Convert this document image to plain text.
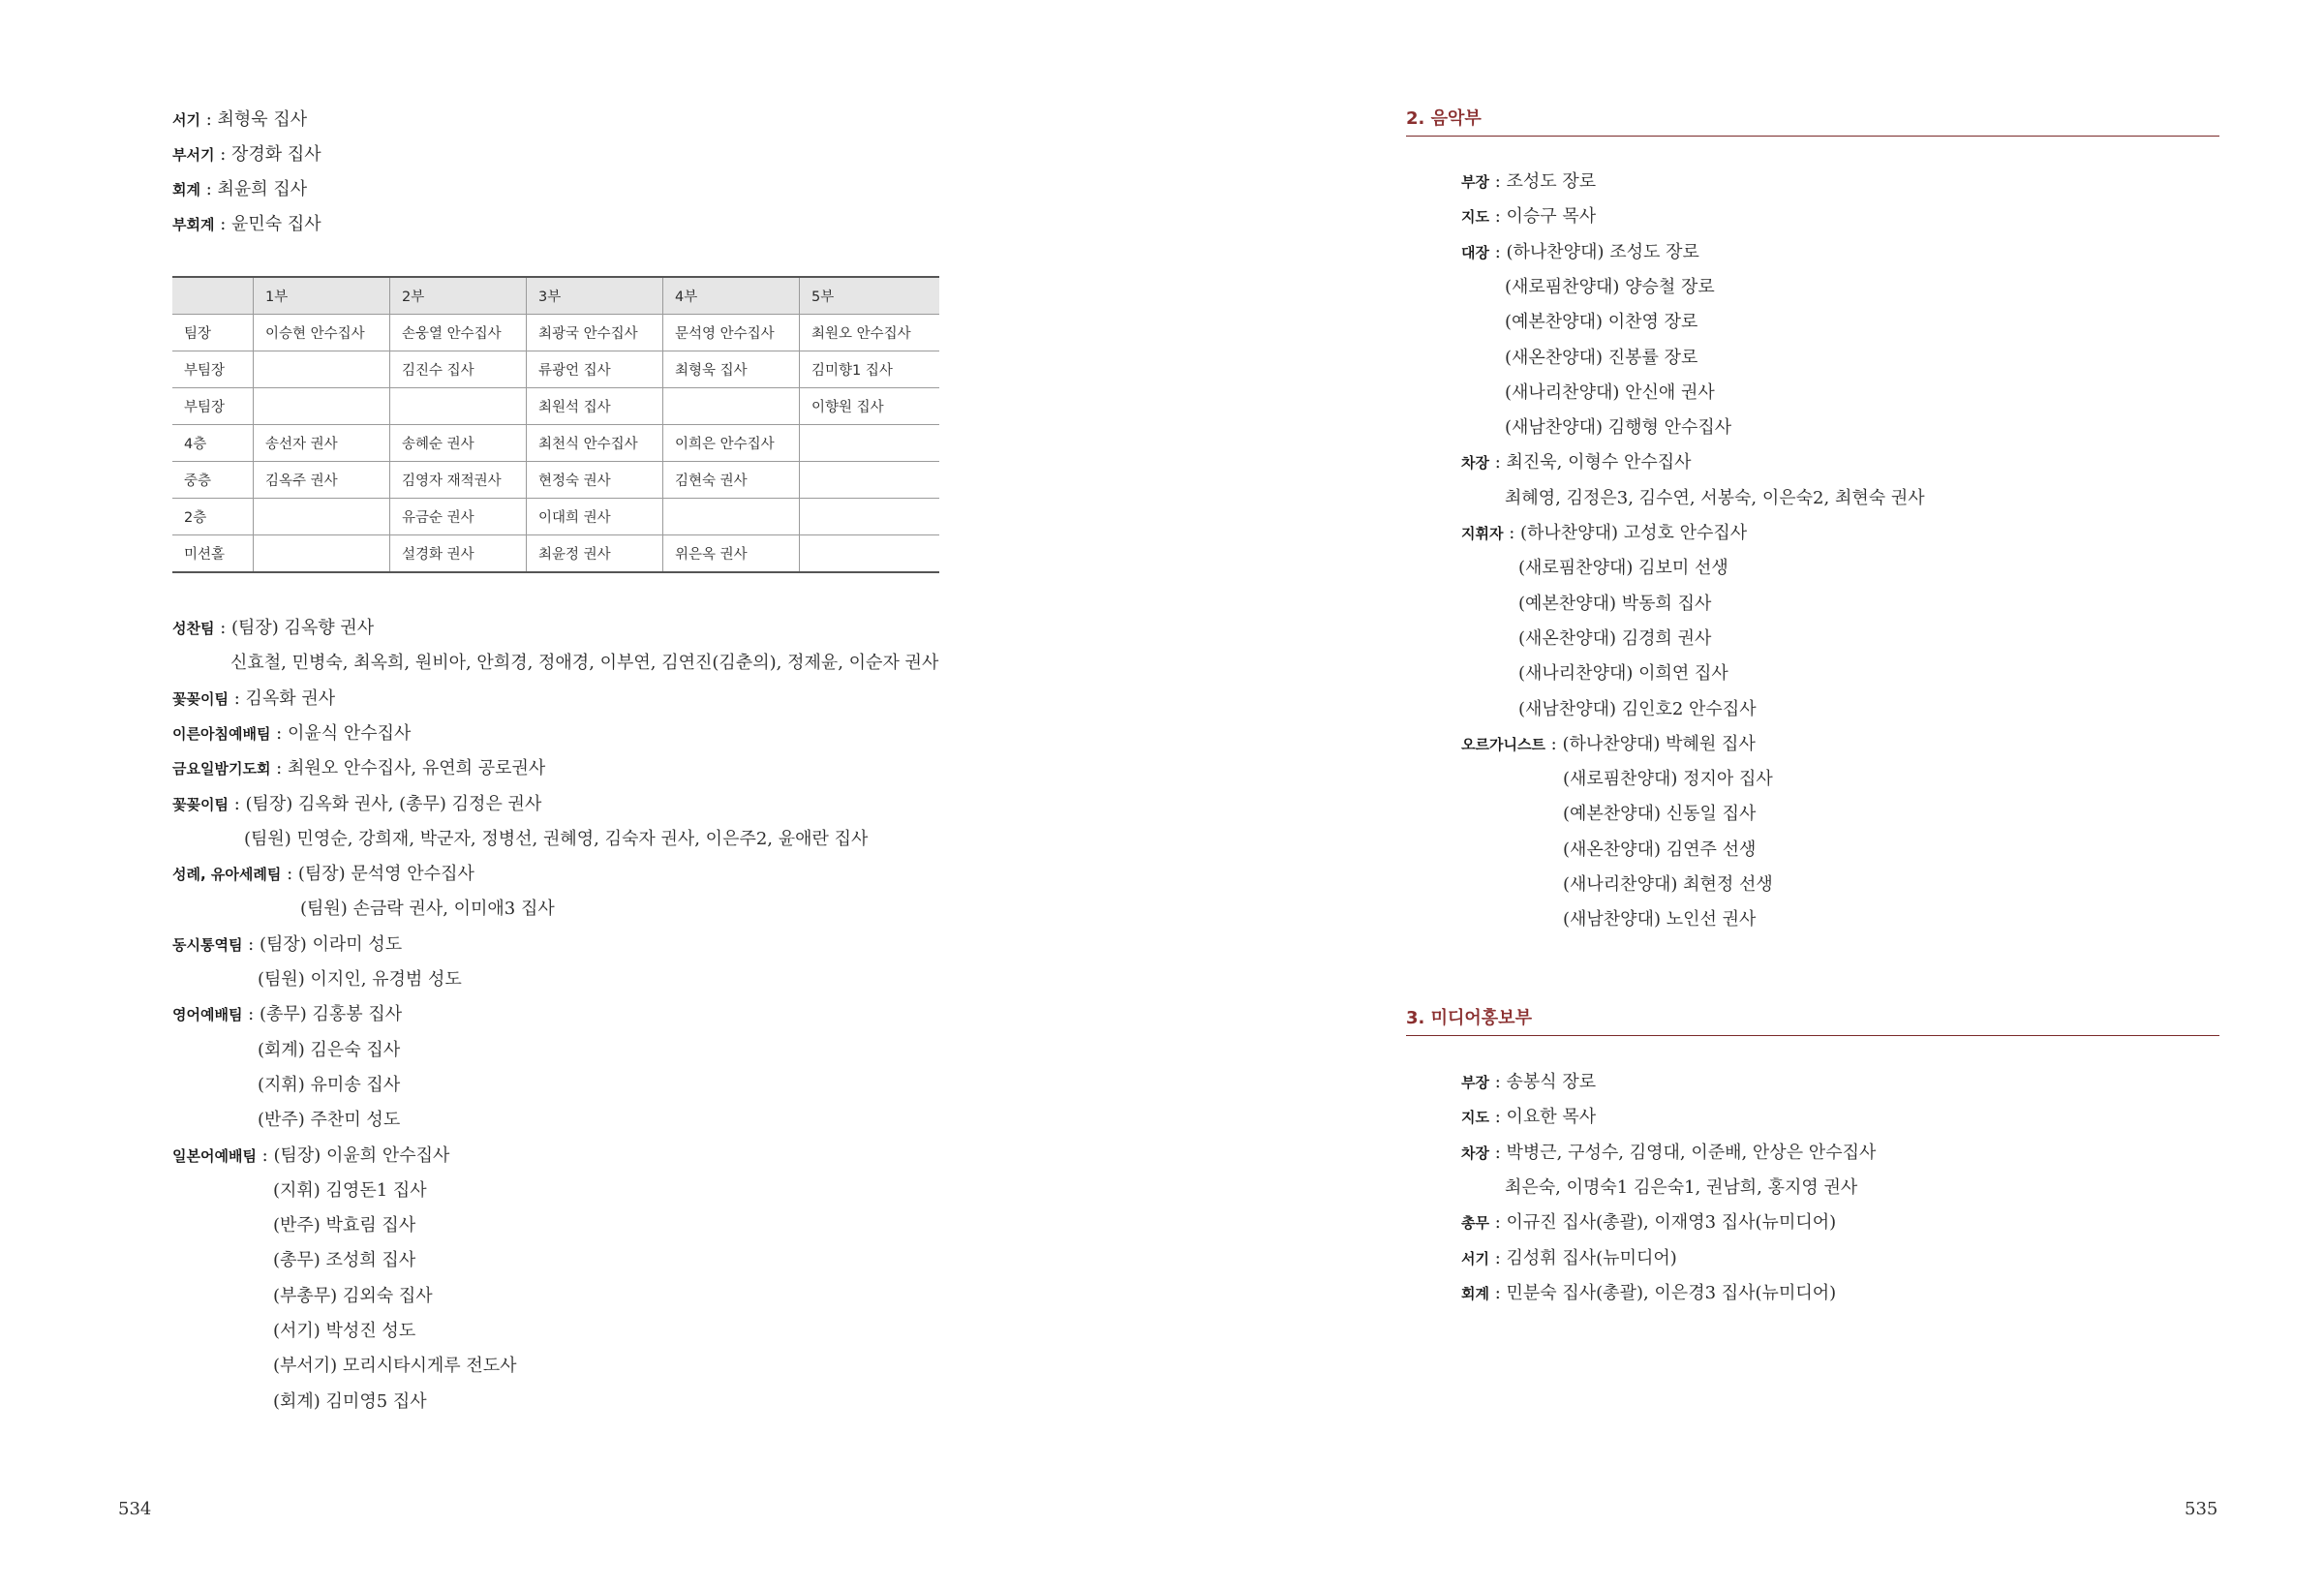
서기 : 최형욱 집사
부서기 : 장경화 집사
회계 : 최윤희 집사
부회계 : 윤민숙 집사
	1부	2부	3부	4부	5부
팀장	이승현 안수집사	손웅열 안수집사	최광국 안수집사	문석영 안수집사	최원오 안수집사
부팀장		김진수 집사	류광언 집사	최형욱 집사	김미향1 집사
부팀장			최원석 집사		이향원 집사
4층	송선자 권사	송혜순 권사	최천식 안수집사	이희은 안수집사	
중층	김옥주 권사	김영자 재적권사	현정숙 권사	김현숙 권사	
2층		유금순 권사	이대희 권사		
미션홀		설경화 권사	최윤정 권사	위은옥 권사	
성찬팀 : (팀장) 김옥향 권사
신효철, 민병숙, 최옥희, 원비아, 안희경, 정애경, 이부연, 김연진(김춘의), 정제윤, 이순자 권사
꽃꽂이팀 : 김옥화 권사
이른아침예배팀 : 이윤식 안수집사
금요일밤기도회 : 최원오 안수집사, 유연희 공로권사
꽃꽂이팀 : (팀장) 김옥화 권사, (총무) 김정은 권사
(팀원) 민영순, 강희재, 박군자, 정병선, 권혜영, 김숙자 권사, 이은주2, 윤애란 집사
성례, 유아세례팀 : (팀장) 문석영 안수집사
(팀원) 손금락 권사, 이미애3 집사
동시통역팀 : (팀장) 이라미 성도
(팀원) 이지인, 유경범 성도
영어예배팀 : (총무) 김홍봉 집사
(회계) 김은숙 집사
(지휘) 유미송 집사
(반주) 주찬미 성도
일본어예배팀 : (팀장) 이윤희 안수집사
(지휘) 김영돈1 집사
(반주) 박효림 집사
(총무) 조성희 집사
(부총무) 김외숙 집사
(서기) 박성진 성도
(부서기) 모리시타시게루 전도사
(회계) 김미영5 집사
534	535
2. 음악부
부장 : 조성도 장로
지도 : 이승구 목사
대장 : (하나찬양대) 조성도 장로
(새로핌찬양대) 양승철 장로
(예본찬양대) 이찬영 장로
(새온찬양대) 진봉률 장로
(새나리찬양대) 안신애 권사
(새남찬양대) 김행형 안수집사
차장 : 최진욱, 이형수 안수집사
최혜영, 김정은3, 김수연, 서봉숙, 이은숙2, 최현숙 권사
지휘자 : (하나찬양대) 고성호 안수집사
(새로핌찬양대) 김보미 선생
(예본찬양대) 박동희 집사
(새온찬양대) 김경희 권사
(새나리찬양대) 이희연 집사
(새남찬양대) 김인호2 안수집사
오르가니스트 : (하나찬양대) 박혜원 집사
(새로핌찬양대) 정지아 집사
(예본찬양대) 신동일 집사
(새온찬양대) 김연주 선생
(새나리찬양대) 최현정 선생
(새남찬양대) 노인선 권사
3. 미디어홍보부
부장 : 송봉식 장로
지도 : 이요한 목사
차장 : 박병근, 구성수, 김영대, 이준배, 안상은 안수집사
최은숙, 이명숙1 김은숙1, 권남희, 홍지영 권사
총무 : 이규진 집사(총괄), 이재영3 집사(뉴미디어)
서기 : 김성휘 집사(뉴미디어)
회계 : 민분숙 집사(총괄), 이은경3 집사(뉴미디어)
